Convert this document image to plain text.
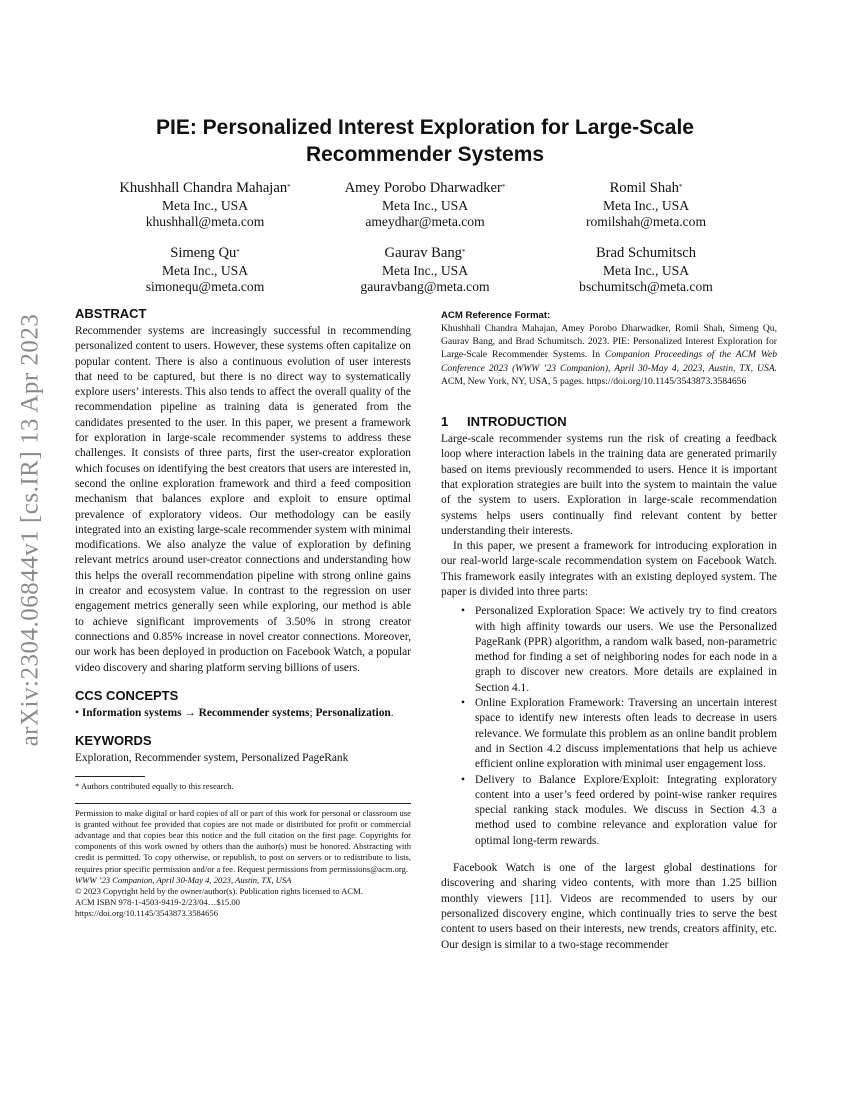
arXiv:2304.06844v1 [cs.IR] 13 Apr 2023
PIE: Personalized Interest Exploration for Large-Scale
Recommender Systems
Khushhall Chandra Mahajan*
Meta Inc., USA
khushhall@meta.com
Amey Porobo Dharwadker*
Meta Inc., USA
ameydhar@meta.com
Romil Shah*
Meta Inc., USA
romilshah@meta.com
Simeng Qu*
Meta Inc., USA
simonequ@meta.com
Gaurav Bang*
Meta Inc., USA
gauravbang@meta.com
Brad Schumitsch
Meta Inc., USA
bschumitsch@meta.com
ABSTRACT

Recommender systems are increasingly successful in recommending personalized content to users. However, these systems often capitalize on popular content. There is also a continuous evolution of user interests that need to be captured, but there is no direct way to systematically explore users’ interests. This also tends to affect the overall quality of the recommendation pipeline as training data is generated from the candidates presented to the user. In this paper, we present a framework for exploration in large-scale recommender systems to address these challenges. It consists of three parts, first the user-creator exploration which focuses on identifying the best creators that users are interested in, second the online exploration framework and third a feed composition mechanism that balances explore and exploit to ensure optimal prevalence of exploratory videos. Our methodology can be easily integrated into an existing large-scale recommender system with minimal modifications. We also analyze the value of exploration by defining relevant metrics around user-creator connections and understanding how this helps the overall recommendation pipeline with strong online gains in creator and ecosystem value. In contrast to the regression on user engagement metrics generally seen while exploring, our method is able to achieve significant improvements of 3.50% in strong creator connections and 0.85% increase in novel creator connections. Moreover, our work has been deployed in production on Facebook Watch, a popular video discovery and sharing platform serving billions of users.

CCS CONCEPTS

• Information systems → Recommender systems; Personalization.

KEYWORDS

Exploration, Recommender system, Personalized PageRank

* Authors contributed equally to this research.

Permission to make digital or hard copies of all or part of this work for personal or classroom use is granted without fee provided that copies are not made or distributed for profit or commercial advantage and that copies bear this notice and the full citation on the first page. Copyrights for components of this work owned by others than the author(s) must be honored. Abstracting with credit is permitted. To copy otherwise, or republish, to post on servers or to redistribute to lists, requires prior specific permission and/or a fee. Request permissions from permissions@acm.org.

WWW ’23 Companion, April 30-May 4, 2023, Austin, TX, USA

© 2023 Copyright held by the owner/author(s). Publication rights licensed to ACM.

ACM ISBN 978-1-4503-9419-2/23/04…$15.00

https://doi.org/10.1145/3543873.3584656

ACM Reference Format:

Khushhall Chandra Mahajan, Amey Porobo Dharwadker, Romil Shah, Simeng Qu, Gaurav Bang, and Brad Schumitsch. 2023. PIE: Personalized Interest Exploration for Large-Scale Recommender Systems. In Companion Proceedings of the ACM Web Conference 2023 (WWW ’23 Companion), April 30-May 4, 2023, Austin, TX, USA. ACM, New York, NY, USA, 5 pages. https://doi.org/10.1145/3543873.3584656

1 INTRODUCTION

Large-scale recommender systems run the risk of creating a feedback loop where interaction labels in the training data are generated primarily based on items previously recommended to users. Hence it is important that exploration strategies are built into the system to maintain the value of the system to users. Exploration in large-scale recommendation systems helps users continually find relevant content by better understanding their interests.

In this paper, we present a framework for introducing exploration in our real-world large-scale recommendation system on Facebook Watch. This framework easily integrates with an existing deployed system. The paper is divided into three parts:

• Personalized Exploration Space: We actively try to find creators with high affinity towards our users. We use the Personalized PageRank (PPR) algorithm, a random walk based, non-parametric method for finding a set of neighboring nodes for each node in a graph to discover new creators. More details are explained in Section 4.1.
• Online Exploration Framework: Traversing an uncertain interest space to identify new interests often leads to decrease in users relevance. We formulate this problem as an online bandit problem and in Section 4.2 discuss implementations that help us achieve efficient online exploration with minimal user engagement loss.
• Delivery to Balance Explore/Exploit: Integrating exploratory content into a user’s feed ordered by point-wise ranker requires special ranking stack modules. We discuss in Section 4.3 a method used to combine relevance and exploration value for optimal long-term rewards.

Facebook Watch is one of the largest global destinations for discovering and sharing video contents, with more than 1.25 billion monthly viewers [11]. Videos are recommended to users by our personalized discovery engine, which continually tries to serve the best content to users based on their interests, new trends, creators affinity, etc. Our design is similar to a two-stage recommender
